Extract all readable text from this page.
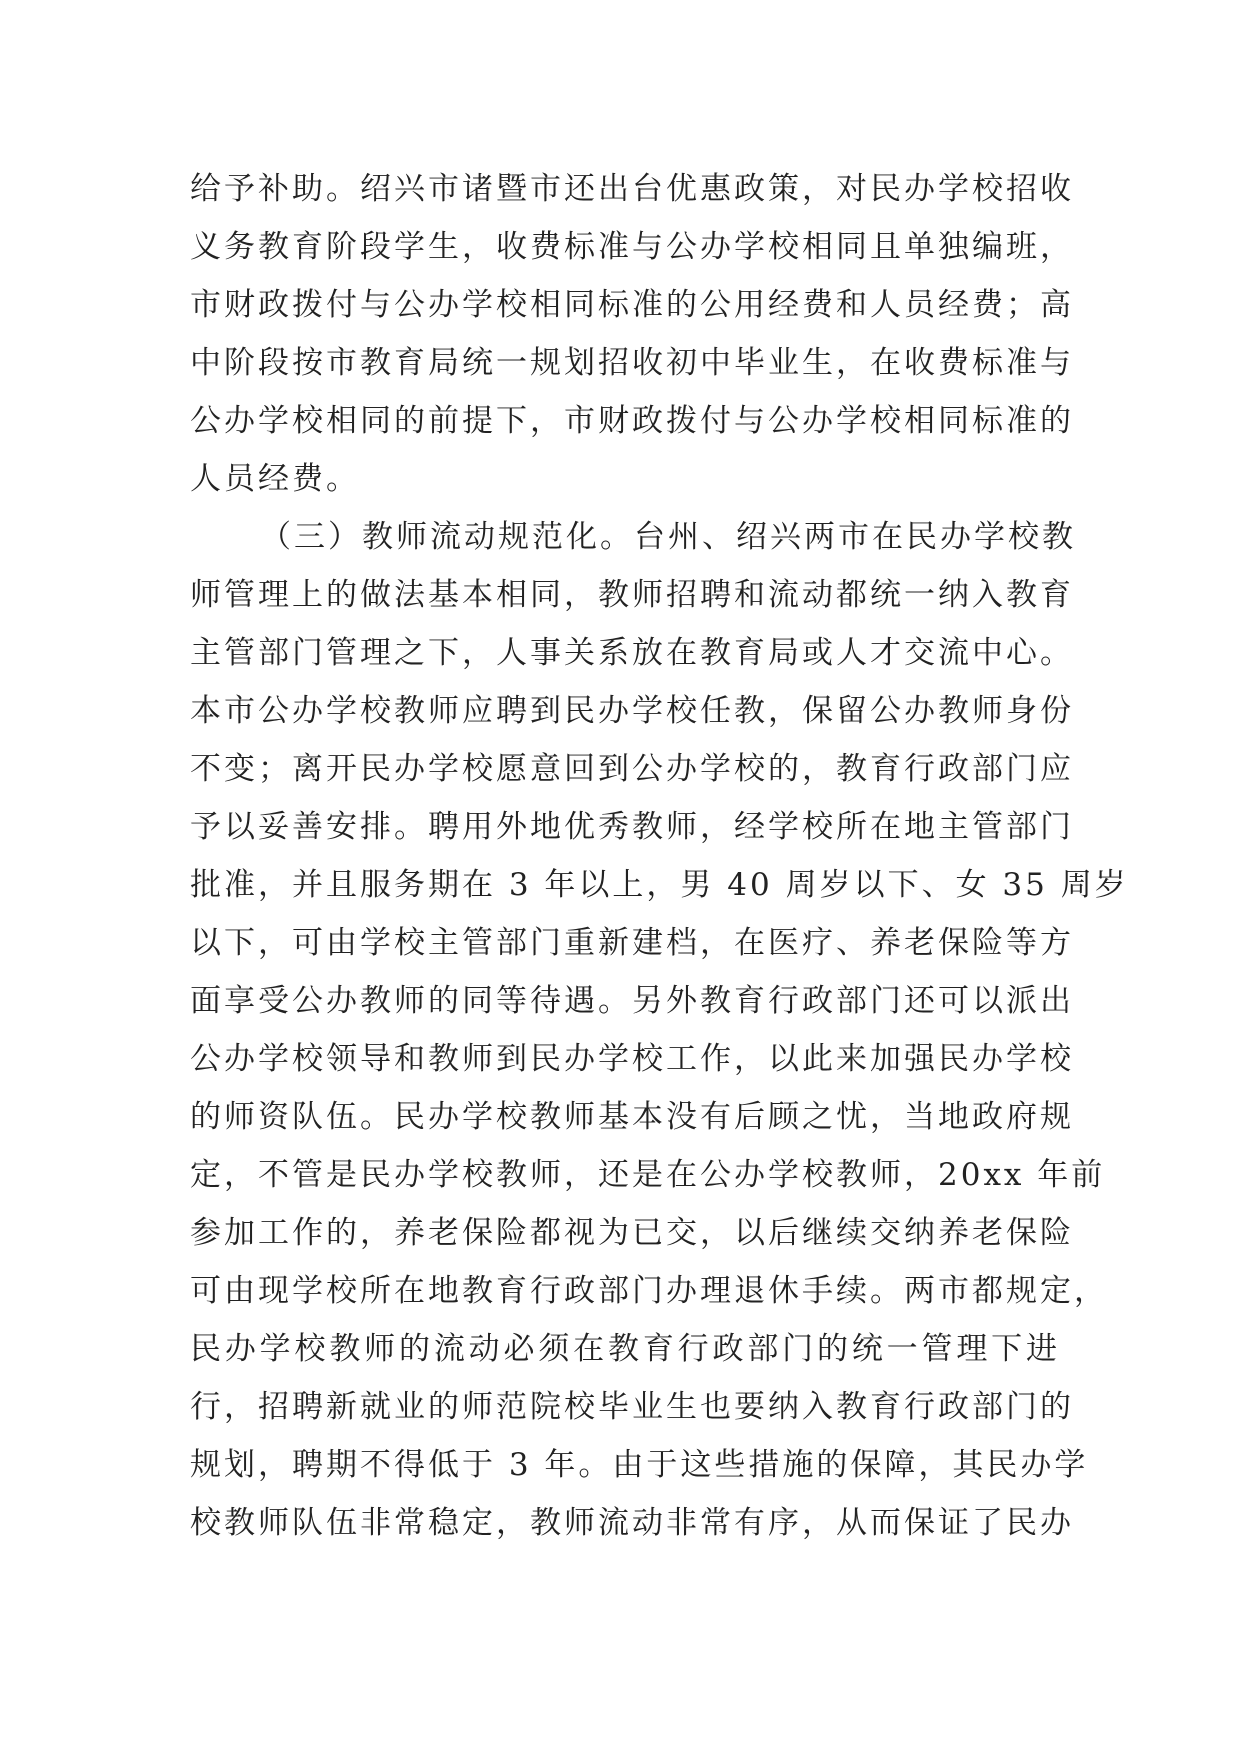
给予补助。绍兴市诸暨市还出台优惠政策，对民办学校招收
义务教育阶段学生，收费标准与公办学校相同且单独编班，
市财政拨付与公办学校相同标准的公用经费和人员经费；高
中阶段按市教育局统一规划招收初中毕业生，在收费标准与
公办学校相同的前提下，市财政拨付与公办学校相同标准的
人员经费。
（三）教师流动规范化。台州、绍兴两市在民办学校教
师管理上的做法基本相同，教师招聘和流动都统一纳入教育
主管部门管理之下，人事关系放在教育局或人才交流中心。
本市公办学校教师应聘到民办学校任教，保留公办教师身份
不变；离开民办学校愿意回到公办学校的，教育行政部门应
予以妥善安排。聘用外地优秀教师，经学校所在地主管部门
批准，并且服务期在 3 年以上，男 40 周岁以下、女 35 周岁
以下，可由学校主管部门重新建档，在医疗、养老保险等方
面享受公办教师的同等待遇。另外教育行政部门还可以派出
公办学校领导和教师到民办学校工作，以此来加强民办学校
的师资队伍。民办学校教师基本没有后顾之忧，当地政府规
定，不管是民办学校教师，还是在公办学校教师，20xx 年前
参加工作的，养老保险都视为已交，以后继续交纳养老保险
可由现学校所在地教育行政部门办理退休手续。两市都规定，
民办学校教师的流动必须在教育行政部门的统一管理下进
行，招聘新就业的师范院校毕业生也要纳入教育行政部门的
规划，聘期不得低于 3 年。由于这些措施的保障，其民办学
校教师队伍非常稳定，教师流动非常有序，从而保证了民办
